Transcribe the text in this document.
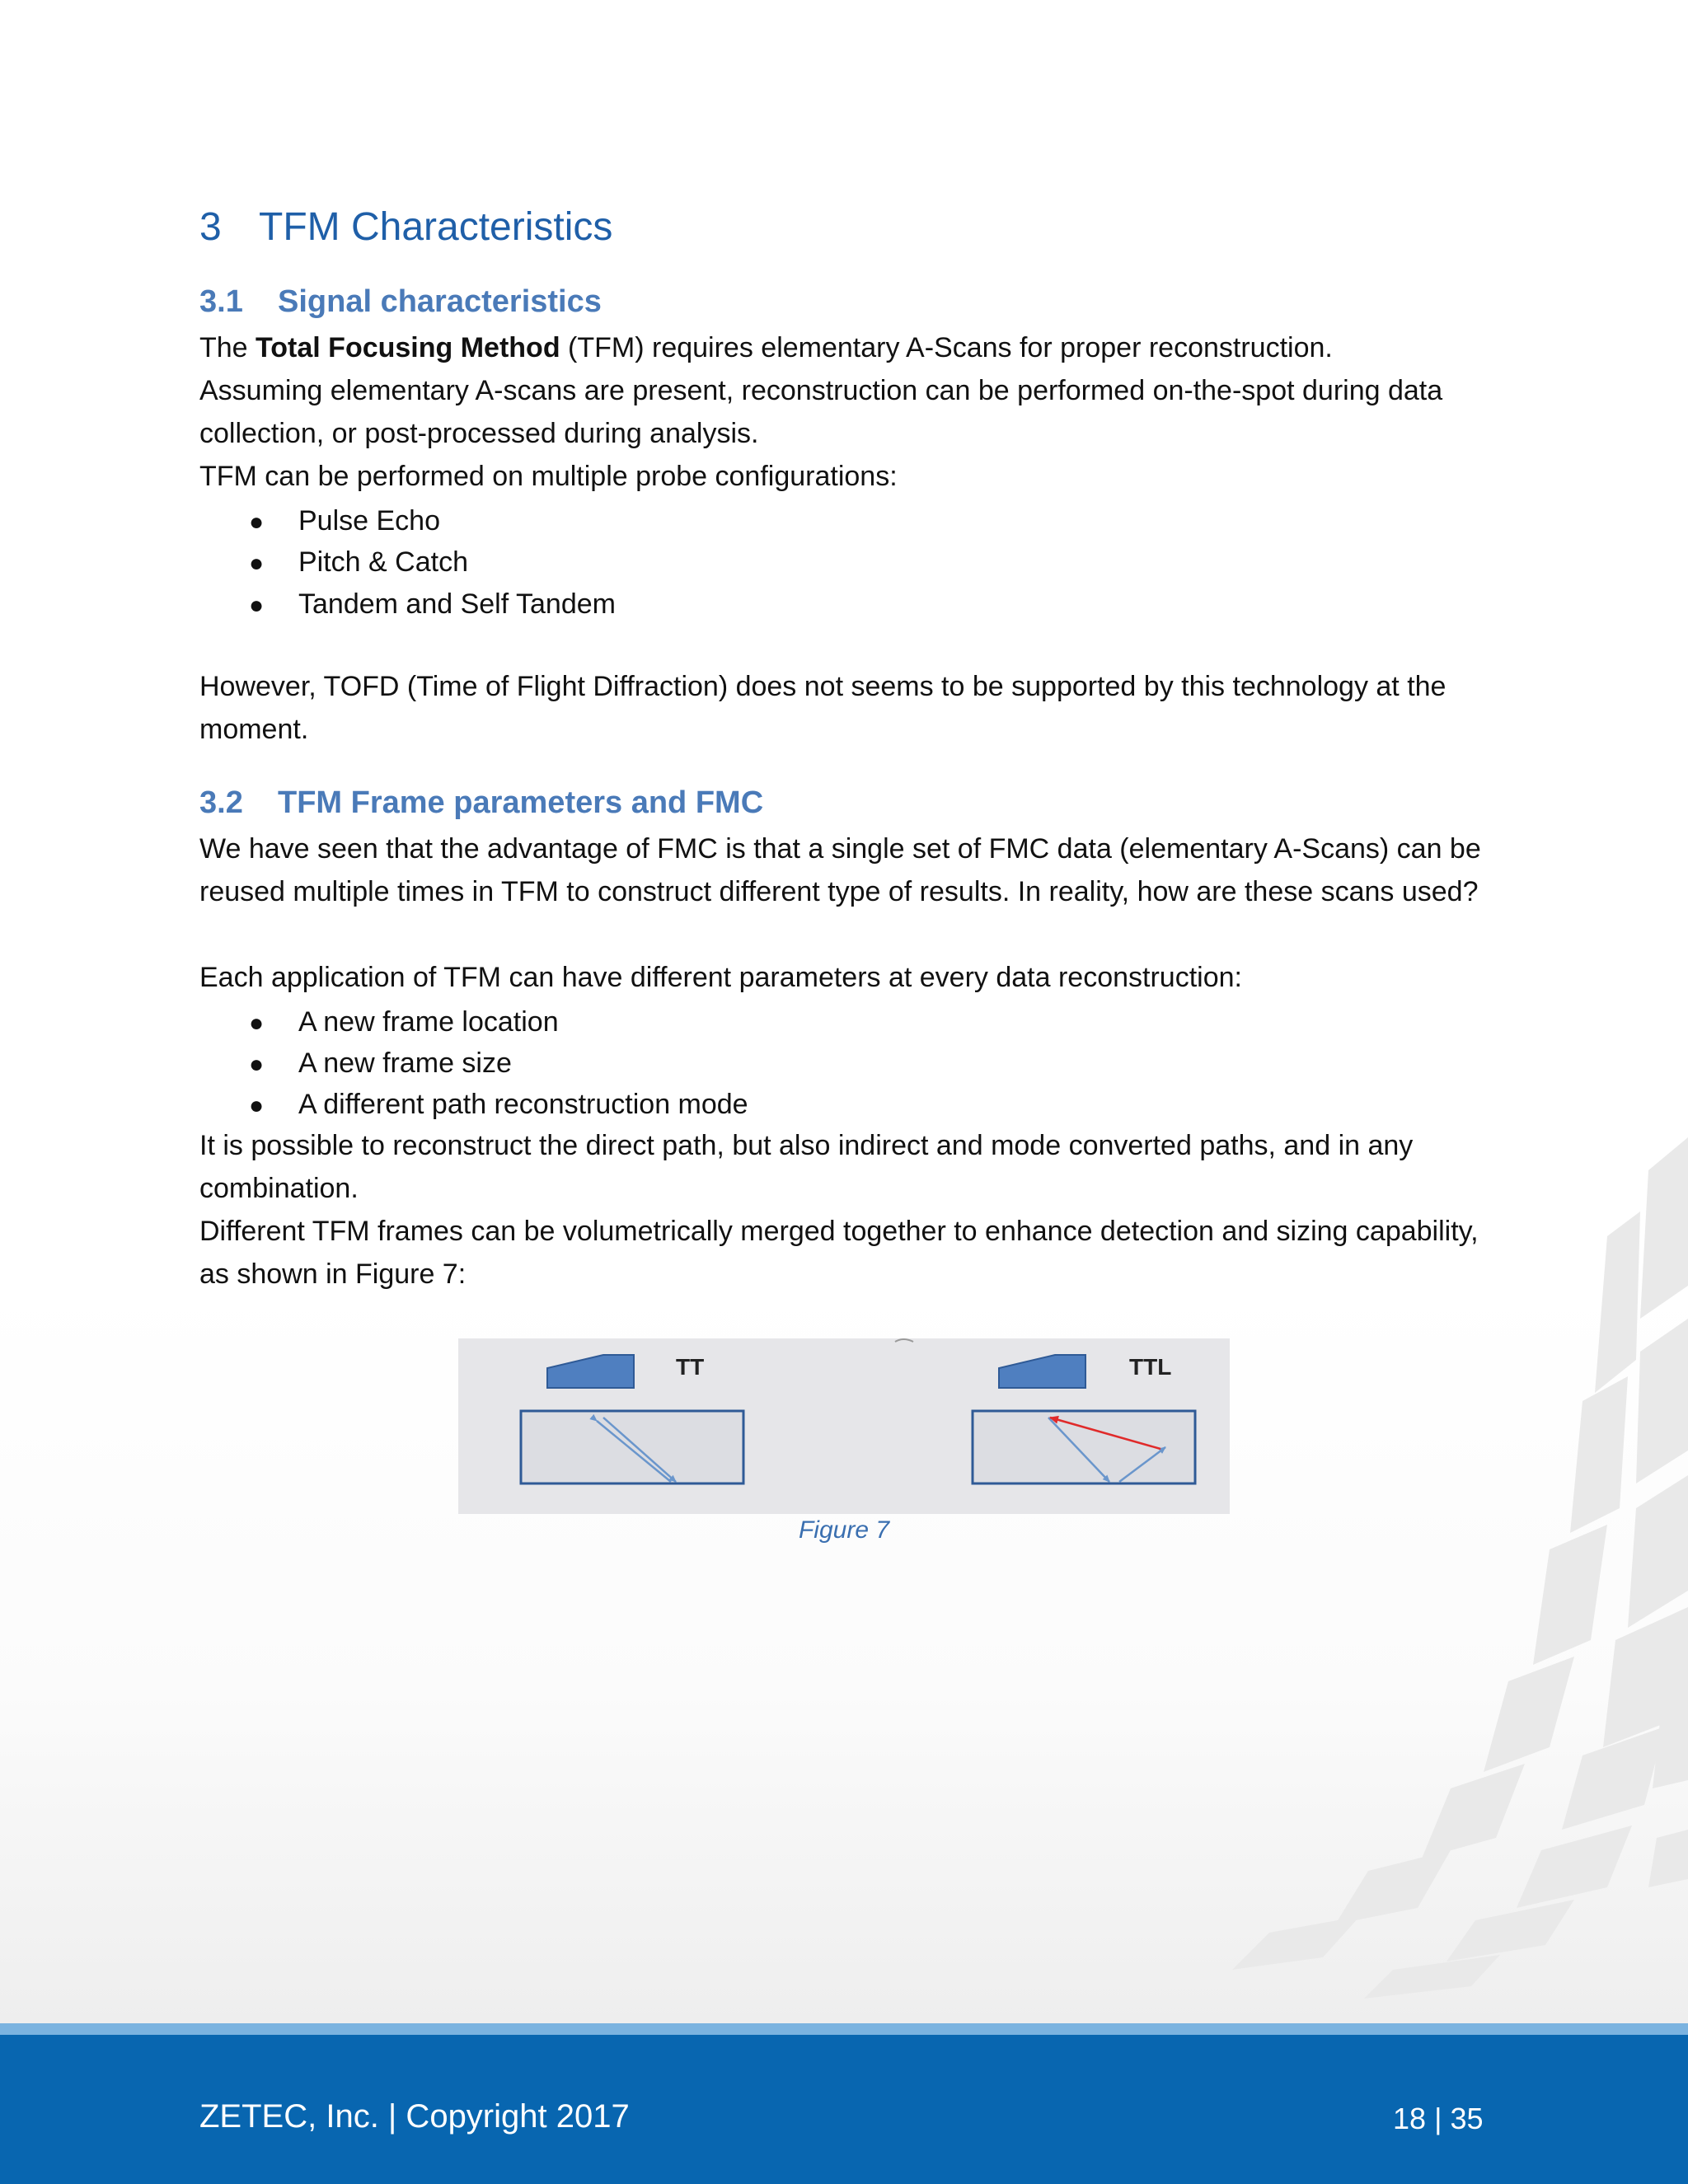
3 TFM Characteristics
3.1 Signal characteristics
The Total Focusing Method (TFM) requires elementary A-Scans for proper reconstruction.
Assuming elementary A-scans are present, reconstruction can be performed on-the-spot during data collection, or post-processed during analysis.
TFM can be performed on multiple probe configurations:
● Pulse Echo
● Pitch & Catch
● Tandem and Self Tandem
However, TOFD (Time of Flight Diffraction) does not seems to be supported by this technology at the moment.
3.2 TFM Frame parameters and FMC
We have seen that the advantage of FMC is that a single set of FMC data (elementary A-Scans) can be reused multiple times in TFM to construct different type of results. In reality, how are these scans used?
Each application of TFM can have different parameters at every data reconstruction:
● A new frame location
● A new frame size
● A different path reconstruction mode
It is possible to reconstruct the direct path, but also indirect and mode converted paths, and in any combination.
Different TFM frames can be volumetrically merged together to enhance detection and sizing capability, as shown in Figure 7:
TT	TTL
Figure 7
ZETEC, Inc. | Copyright 2017	18 | 35
